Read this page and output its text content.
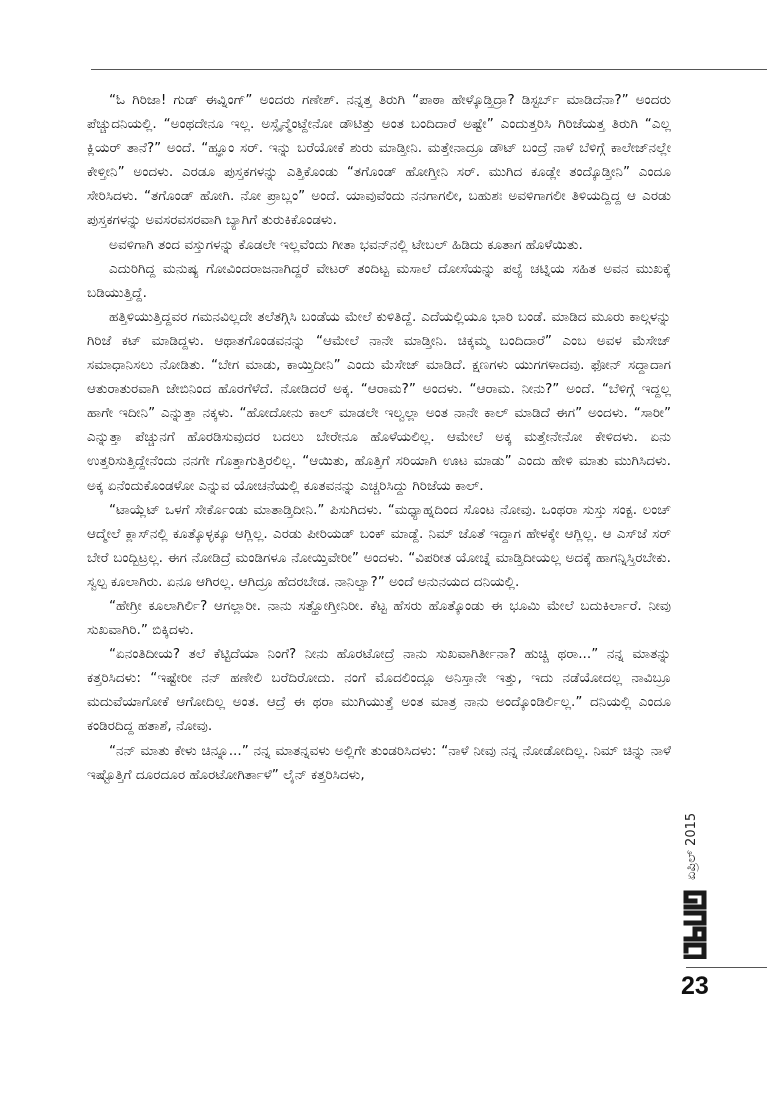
“ಓ ಗಿರಿಜಾ! ಗುಡ್ ಈವ್ನಿಂಗ್” ಅಂದರು ಗಣೇಶ್. ನನ್ನತ್ತ ತಿರುಗಿ “ಪಾಠಾ ಹೇಳ್ಕೊಡ್ತಿದ್ರಾ? ಡಿಸ್ಟರ್ಬ್ ಮಾಡಿದೆನಾ?” ಅಂದರು ಪೆಚ್ಚುದನಿಯಲ್ಲಿ. “ಅಂಥದೇನೂ ಇಲ್ಲ. ಅಸ್ಸೈನ್ಮೆಂಟ್ದೇನೋ ಡೌಟಿತ್ತು ಅಂತ ಬಂದಿದಾರೆ ಅಷ್ಟೇ” ಎಂದುತ್ತರಿಸಿ ಗಿರಿಜೆಯತ್ತ ತಿರುಗಿ “ಎಲ್ಲ ಕ್ಲಿಯರ್ ತಾನೆ?” ಅಂದೆ. “ಹ್ಞೂಂ ಸರ್. ಇನ್ನು ಬರೆಯೋಕೆ ಶುರು ಮಾಡ್ತೀನಿ. ಮತ್ತೇನಾದ್ರೂ ಡೌಟ್ ಬಂದ್ರೆ ನಾಳೆ ಬೆಳಿಗ್ಗೆ ಕಾಲೇಜ್‌ನಲ್ಲೇ ಕೇಳ್ತೀನಿ” ಅಂದಳು. ಎರಡೂ ಪುಸ್ತಕಗಳನ್ನು ಎತ್ತಿಕೊಂಡು “ತಗೊಂಡ್ ಹೋಗ್ತೀನಿ ಸರ್. ಮುಗಿದ ಕೂಡ್ಲೇ ತಂದ್ಕೊಡ್ತೀನಿ” ಎಂದೂ ಸೇರಿಸಿದಳು. “ತಗೊಂಡ್ ಹೋಗಿ. ನೋ ಪ್ರಾಬ್ಲಂ” ಅಂದೆ. ಯಾವುವೆಂದು ನನಗಾಗಲೀ, ಬಹುಶಃ ಅವಳಿಗಾಗಲೀ ತಿಳಿಯದ್ದಿದ್ದ ಆ ಎರಡು ಪುಸ್ತಕಗಳನ್ನು ಅವಸರವಸರವಾಗಿ ಬ್ಯಾಗಿಗೆ ತುರುಕಿಕೊಂಡಳು.

ಅವಳಿಗಾಗಿ ತಂದ ವಸ್ತುಗಳನ್ನು ಕೊಡಲೇ ಇಲ್ಲವೆಂದು ಗೀತಾ ಭವನ್‌ನಲ್ಲಿ ಟೇಬಲ್ ಹಿಡಿದು ಕೂತಾಗ ಹೊಳೆಯಿತು.

ಎದುರಿಗಿದ್ದ ಮನುಷ್ಯ ಗೋವಿಂದರಾಜನಾಗಿದ್ದರೆ ವೇಟರ್ ತಂದಿಟ್ಟ ಮಸಾಲೆ ದೋಸೆಯನ್ನು ಪಲ್ಯೆ ಚಟ್ನಿಯ ಸಹಿತ ಅವನ ಮುಖಕ್ಕೆ ಬಡಿಯುತ್ತಿದ್ದೆ.

ಹತ್ತಿಳಿಯುತ್ತಿದ್ದವರ ಗಮನವಿಲ್ಲದೇ ತಲೆತಗ್ಗಿಸಿ ಬಂಡೆಯ ಮೇಲೆ ಕುಳಿತಿದ್ದೆ. ಎದೆಯಲ್ಲಿಯೂ ಭಾರಿ ಬಂಡೆ. ಮಾಡಿದ ಮೂರು ಕಾಲ್ಗಳನ್ನು ಗಿರಿಜೆ ಕಟ್ ಮಾಡಿದ್ದಳು. ಆಥಾತಗೊಂಡವನನ್ನು “ಆಮೇಲೆ ನಾನೇ ಮಾಡ್ತೀನಿ. ಚಿಕ್ಕಮ್ಮ ಬಂದಿದಾರೆ” ಎಂಬ ಅವಳ ಮೆಸೇಜ್ ಸಮಾಧಾನಿಸಲು ನೋಡಿತು. “ಬೇಗ ಮಾಡು, ಕಾಯ್ತಿದೀನಿ” ಎಂದು ಮೆಸೇಜ್ ಮಾಡಿದೆ. ಕ್ಷಣಗಳು ಯುಗಗಳಾದವು. ಫೋನ್ ಸದ್ದಾದಾಗ ಆತುರಾತುರವಾಗಿ ಜೇಬಿನಿಂದ ಹೊರಗೆಳೆದೆ. ನೋಡಿದರೆ ಅಕ್ಕ. “ಆರಾಮ?” ಅಂದಳು. “ಆರಾಮ. ನೀನು?” ಅಂದೆ. “ಬೆಳಿಗ್ಗೆ ಇದ್ದಲ್ಲ ಹಾಗೇ ಇದೀನಿ” ಎನ್ನುತ್ತಾ ನಕ್ಕಳು. “ಹೋದೋನು ಕಾಲ್ ಮಾಡಲೇ ಇಲ್ವಲ್ಲಾ ಅಂತ ನಾನೇ ಕಾಲ್ ಮಾಡಿದೆ ಈಗ” ಅಂದಳು. “ಸಾರೀ” ಎನ್ನುತ್ತಾ ಪೆಚ್ಚುನಗೆ ಹೊರಡಿಸುವುದರ ಬದಲು ಬೇರೇನೂ ಹೊಳೆಯಲಿಲ್ಲ. ಆಮೇಲೆ ಅಕ್ಕ ಮತ್ತೇನೇನೋ ಕೇಳಿದಳು. ಏನು ಉತ್ತರಿಸುತ್ತಿದ್ದೇನೆಂದು ನನಗೇ ಗೊತ್ತಾಗುತ್ತಿರಲಿಲ್ಲ. “ಆಯಿತು, ಹೊತ್ತಿಗೆ ಸರಿಯಾಗಿ ಊಟ ಮಾಡು” ಎಂದು ಹೇಳಿ ಮಾತು ಮುಗಿಸಿದಳು. ಅಕ್ಕ ಏನೆಂದುಕೊಂಡಳೋ ಎನ್ನುವ ಯೋಚನೆಯಲ್ಲಿ ಕೂತವನನ್ನು ಎಚ್ಚರಿಸಿದ್ದು ಗಿರಿಜೆಯ ಕಾಲ್.

“ಟಾಯ್ಲೆಟ್ ಒಳಗೆ ಸೇರ್ಕೊಂಡು ಮಾತಾಡ್ತಿದೀನಿ.” ಪಿಸುಗಿದಳು. “ಮಧ್ಯಾಹ್ನದಿಂದ ಸೊಂಟ ನೋವು. ಒಂಥರಾ ಸುಸ್ತು ಸಂಕ್ಟ. ಲಂಚ್ ಆದ್ಮೇಲೆ ಕ್ಲಾಸ್‌ನಲ್ಲಿ ಕೂತ್ಕೊಳ್ಳಕ್ಕೂ ಆಗ್ಲಿಲ್ಲ. ಎರಡು ಪೀರಿಯಡ್ ಬಂಕ್ ಮಾಡ್ದೆ. ನಿಮ್ ಜೊತೆ ಇದ್ದಾಗ ಹೇಳಕ್ಕೇ ಆಗ್ಲಿಲ್ಲ. ಆ ಎಸ್‌ಜೆ ಸರ್ ಬೇರೆ ಬಂದ್ಬಿಟ್ರಲ್ಲ. ಈಗ ನೋಡಿದ್ರೆ ಮಂಡಿಗಳೂ ನೋಯ್ತಿವೇರೀ” ಅಂದಳು. “ವಿಪರೀತ ಯೋಚ್ನೆ ಮಾಡ್ತಿದೀಯಲ್ಲ ಅದಕ್ಕೆ ಹಾಗನ್ನಿಸ್ತಿರಬೇಕು. ಸ್ವಲ್ಪ ಕೂಲಾಗಿರು. ಏನೂ ಆಗಿರಲ್ಲ. ಆಗಿದ್ರೂ ಹೆದರಬೇಡ. ನಾನಿಲ್ವಾ?” ಅಂದೆ ಅನುನಯದ ದನಿಯಲ್ಲಿ.

“ಹೇಗ್ರೀ ಕೂಲಾಗಿರ್ಲಿ? ಆಗಲ್ಲಾರೀ. ನಾನು ಸತ್ಹೋಗ್ತೀನಿರೀ. ಕೆಟ್ಟ ಹೆಸರು ಹೊತ್ಕೊಂಡು ಈ ಭೂಮಿ ಮೇಲೆ ಬದುಕಿರ್ಲಾರೆ. ನೀವು ಸುಖವಾಗಿರಿ.” ಬಿಕ್ಕಿದಳು.

“ಏನಂತಿದೀಯ? ತಲೆ ಕೆಟ್ಟಿದೆಯಾ ನಿಂಗೆ? ನೀನು ಹೊರಟೋದ್ರೆ ನಾನು ಸುಖವಾಗಿರ್ತೀನಾ? ಹುಚ್ಚಿ ಥರಾ...” ನನ್ನ ಮಾತನ್ನು ಕತ್ತರಿಸಿದಳು: “ಇಷ್ಟೇರೀ ನನ್ ಹಣೇಲಿ ಬರೆದಿರೋದು. ನಂಗೆ ಮೊದಲಿಂದ್ಲೂ ಅನಿಸ್ತಾನೇ ಇತ್ತು, ಇದು ನಡೆಯೋದಲ್ಲ ನಾವಿಬ್ರೂ ಮದುವೆಯಾಗೋಕೆ ಆಗೋದಿಲ್ಲ ಅಂತ. ಆದ್ರೆ ಈ ಥರಾ ಮುಗಿಯುತ್ತೆ ಅಂತ ಮಾತ್ರ ನಾನು ಅಂದ್ಕೊಂಡಿರ್ಲಿಲ್ಲ.” ದನಿಯಲ್ಲಿ ಎಂದೂ ಕಂಡಿರದಿದ್ದ ಹತಾಶೆ, ನೋವು.

“ನನ್ ಮಾತು ಕೇಳು ಚಿನ್ನೂ...” ನನ್ನ ಮಾತನ್ನವಳು ಅಲ್ಲಿಗೇ ತುಂಡರಿಸಿದಳು: “ನಾಳೆ ನೀವು ನನ್ನ ನೋಡೋದಿಲ್ಲ. ನಿಮ್ ಚಿನ್ನು ನಾಳೆ ಇಷ್ಟೊತ್ತಿಗೆ ದೂರದೂರ ಹೊರಟೋಗಿರ್ತಾಳೆ” ಲೈನ್ ಕತ್ತರಿಸಿದಳು,

ಏಪ್ರಿಲ್ 2015
23
